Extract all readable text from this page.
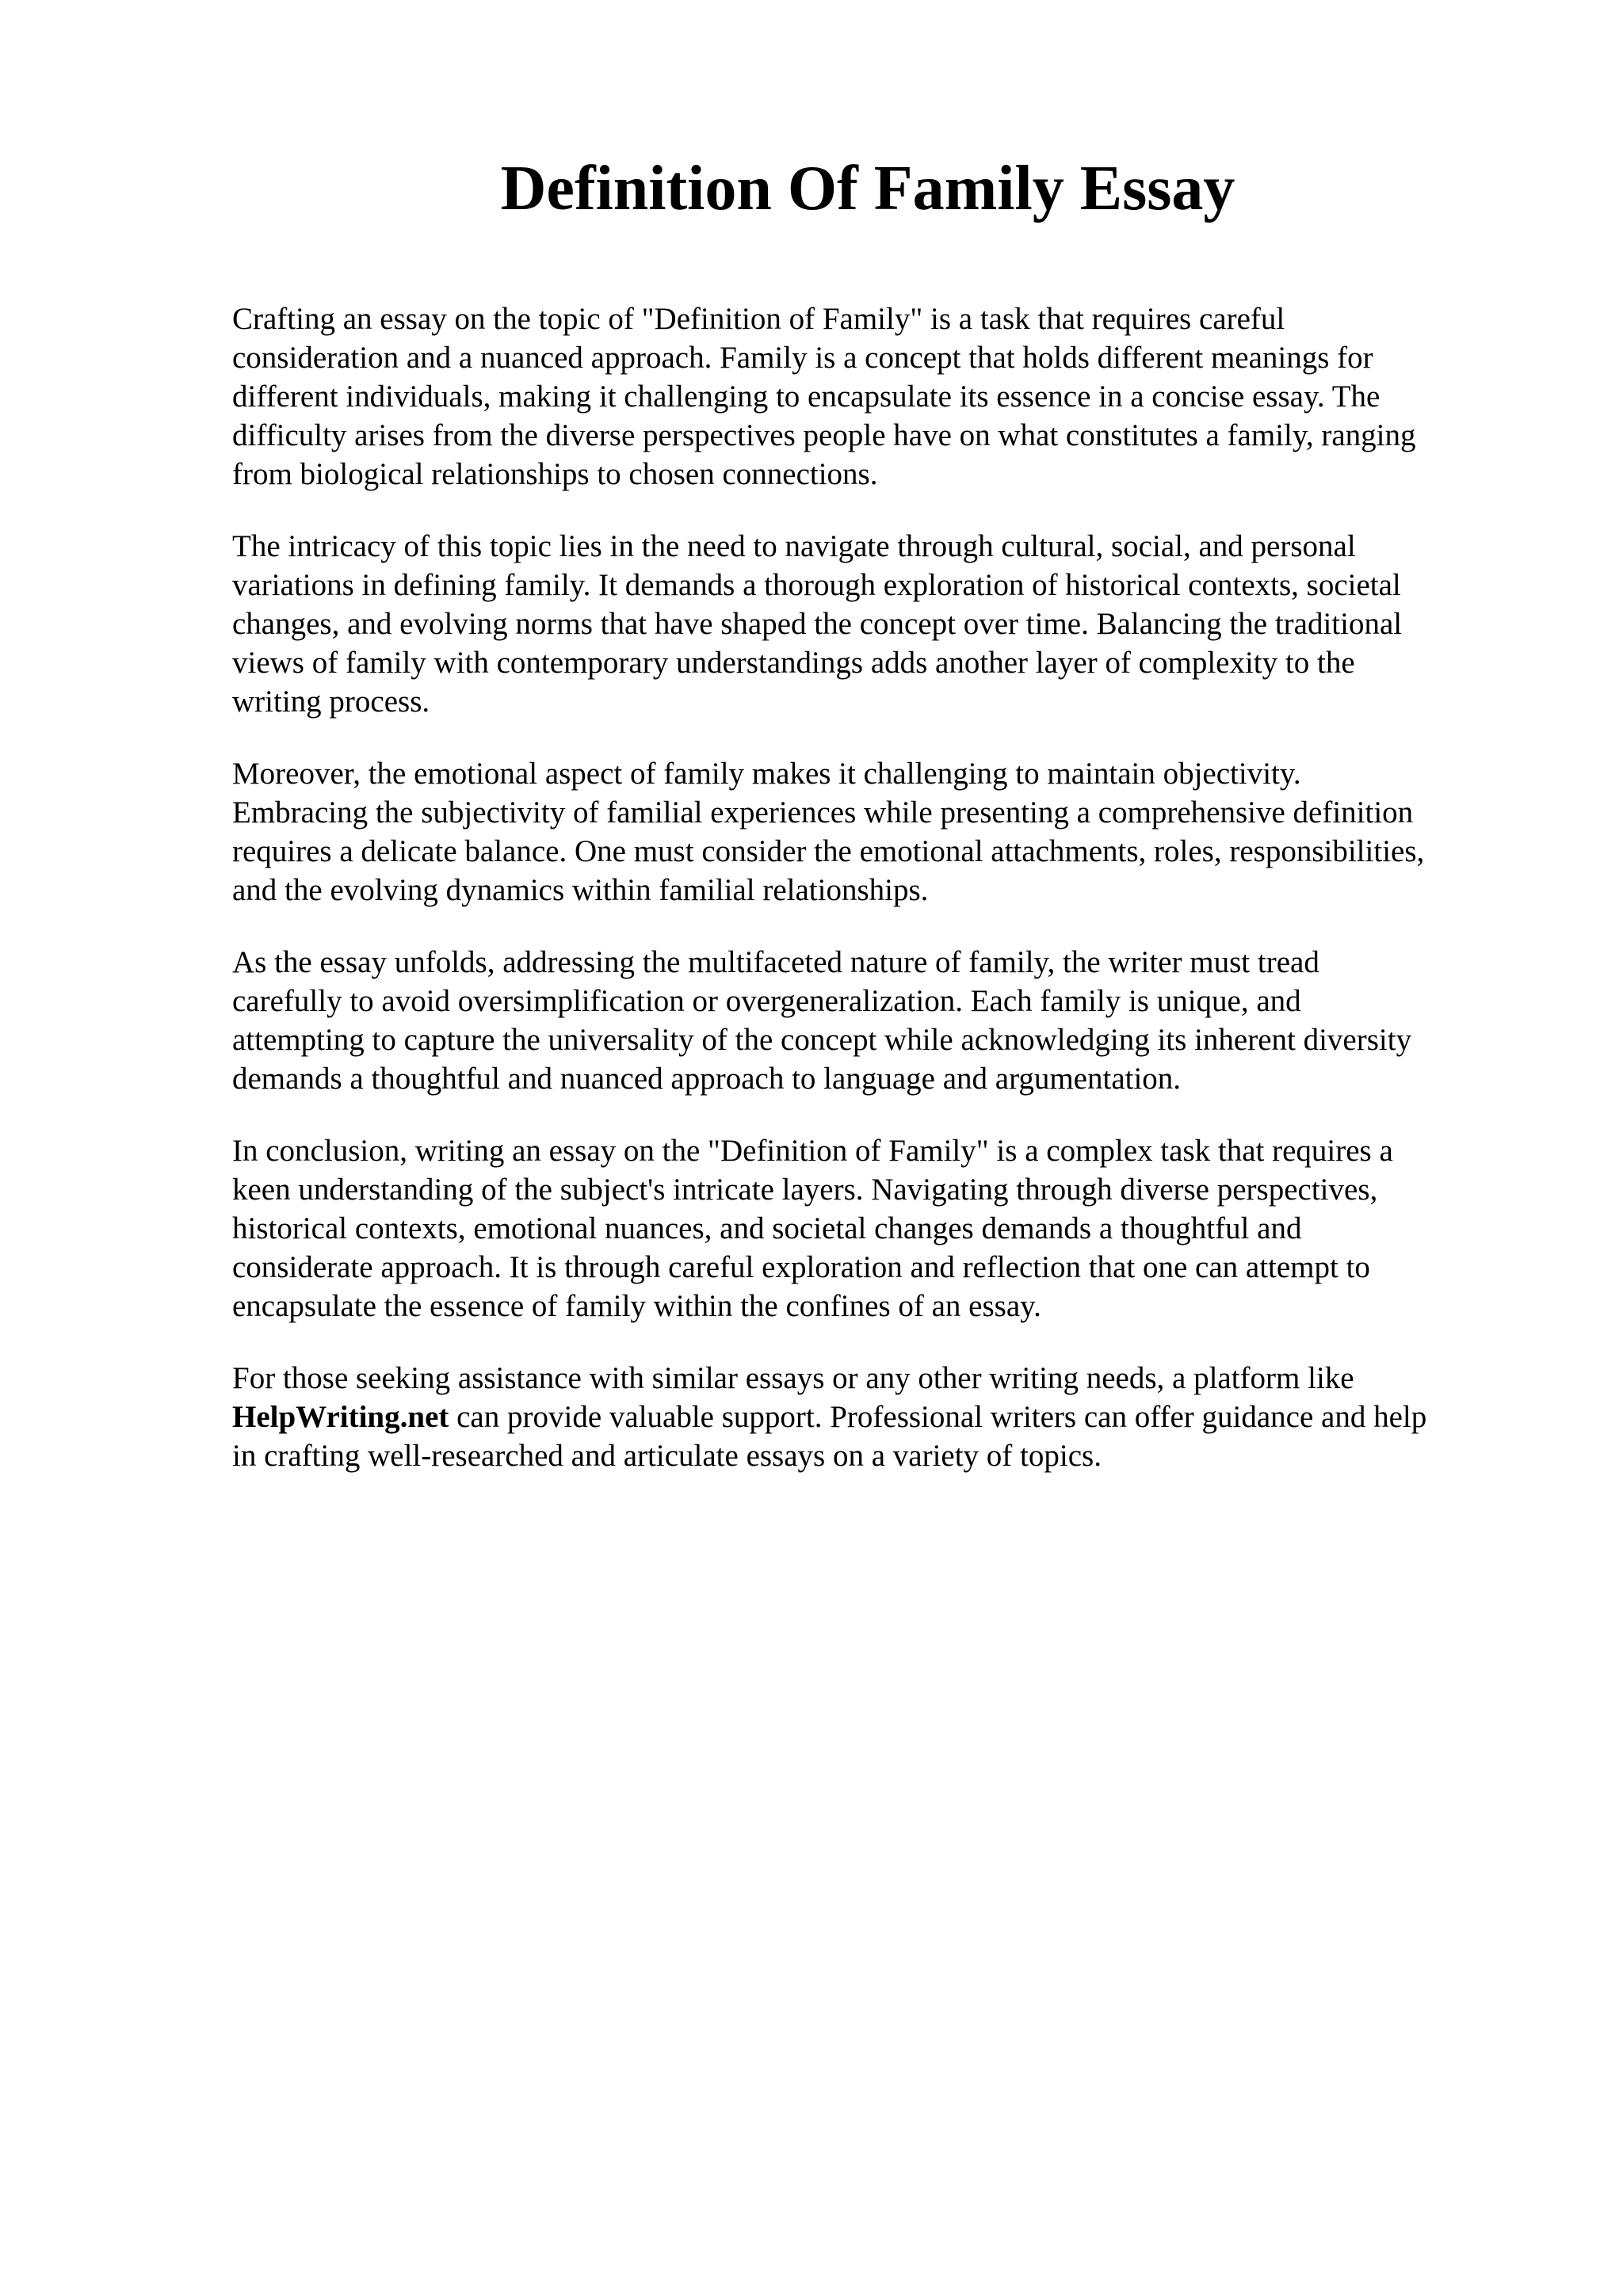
Definition Of Family Essay

Crafting an essay on the topic of "Definition of Family" is a task that requires careful
consideration and a nuanced approach. Family is a concept that holds different meanings for
different individuals, making it challenging to encapsulate its essence in a concise essay. The
difficulty arises from the diverse perspectives people have on what constitutes a family, ranging
from biological relationships to chosen connections.

The intricacy of this topic lies in the need to navigate through cultural, social, and personal
variations in defining family. It demands a thorough exploration of historical contexts, societal
changes, and evolving norms that have shaped the concept over time. Balancing the traditional
views of family with contemporary understandings adds another layer of complexity to the
writing process.

Moreover, the emotional aspect of family makes it challenging to maintain objectivity.
Embracing the subjectivity of familial experiences while presenting a comprehensive definition
requires a delicate balance. One must consider the emotional attachments, roles, responsibilities,
and the evolving dynamics within familial relationships.

As the essay unfolds, addressing the multifaceted nature of family, the writer must tread
carefully to avoid oversimplification or overgeneralization. Each family is unique, and
attempting to capture the universality of the concept while acknowledging its inherent diversity
demands a thoughtful and nuanced approach to language and argumentation.

In conclusion, writing an essay on the "Definition of Family" is a complex task that requires a
keen understanding of the subject's intricate layers. Navigating through diverse perspectives,
historical contexts, emotional nuances, and societal changes demands a thoughtful and
considerate approach. It is through careful exploration and reflection that one can attempt to
encapsulate the essence of family within the confines of an essay.

For those seeking assistance with similar essays or any other writing needs, a platform like
HelpWriting.net can provide valuable support. Professional writers can offer guidance and help
in crafting well-researched and articulate essays on a variety of topics.
